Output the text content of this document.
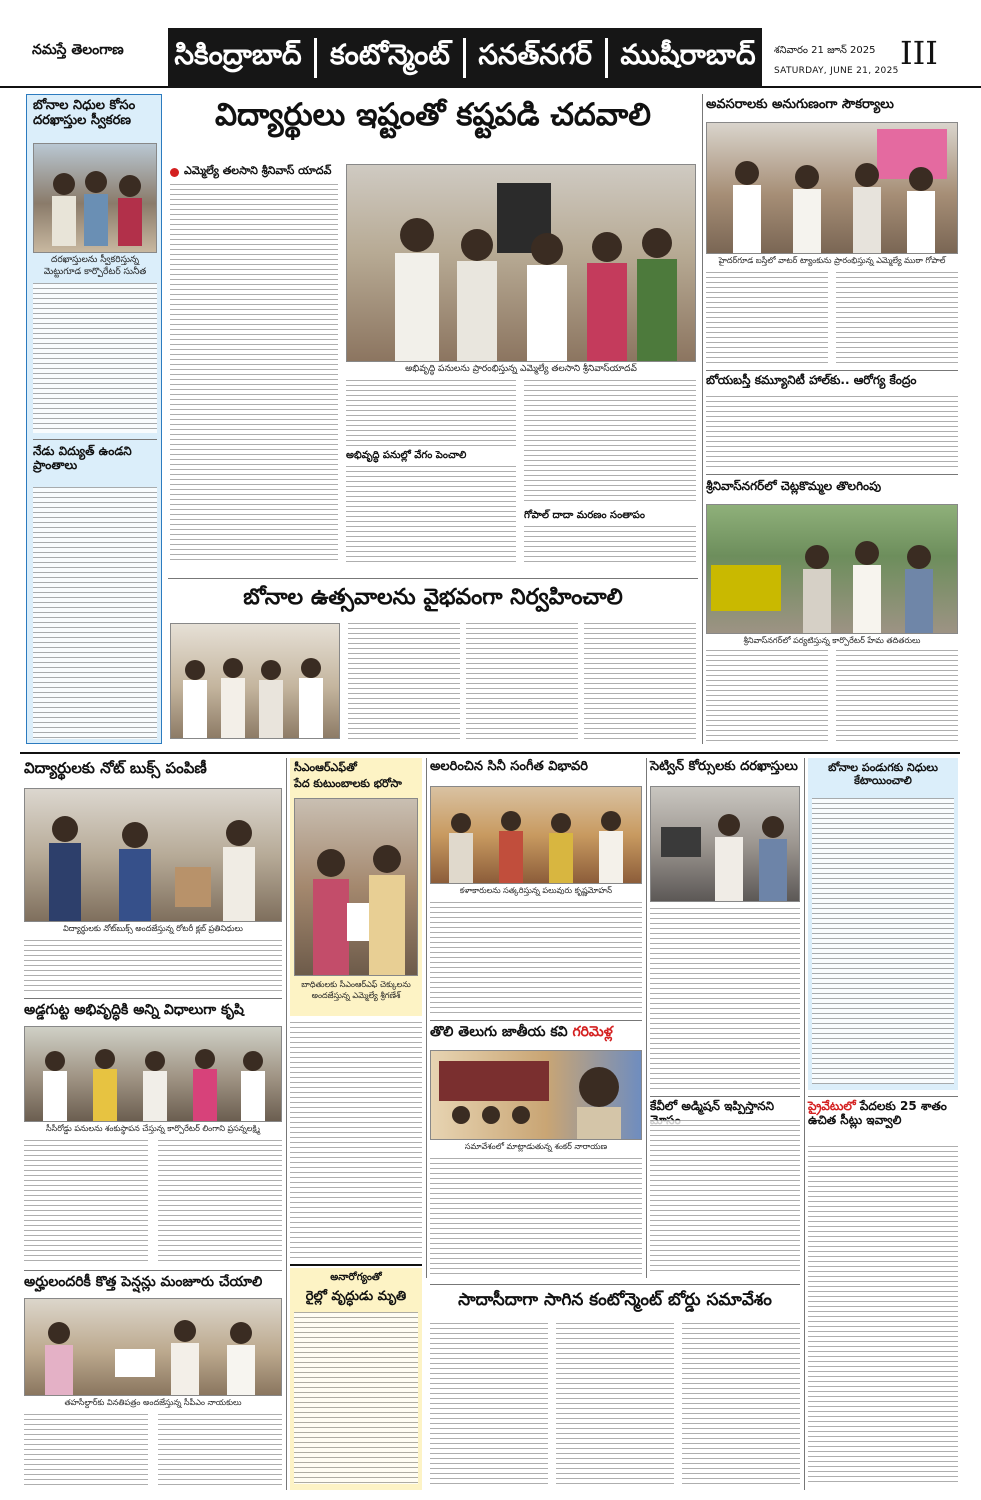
నమస్తే తెలంగాణ సికింద్రాబాద్ కంటోన్మెంట్ సనత్‌నగర్ ముషీరాబాద్ శనివారం 21 జూన్ 2025
SATURDAY, JUNE 21, 2025 III
బోనాల నిధుల కోసం దరఖాస్తుల స్వీకరణ
దరఖాస్తులను స్వీకరిస్తున్న మెట్టుగూడ కార్పొరేటర్ సునీత
నేడు విద్యుత్ ఉండని ప్రాంతాలు
విద్యార్థులు ఇష్టంతో కష్టపడి చదవాలి
ఎమ్మెల్యే తలసాని శ్రీనివాస్ యాదవ్
అభివృద్ధి పనులను ప్రారంభిస్తున్న ఎమ్మెల్యే తలసాని శ్రీనివాస్‌యాదవ్
అభివృద్ధి పనుల్లో వేగం పెంచాలి
గోపాల్ దాదా మరణం సంతాపం
అవసరాలకు అనుగుణంగా సౌకర్యాలు
హైదర్‌గూడ బస్తీలో వాటర్ ట్యాంకును ప్రారంభిస్తున్న ఎమ్మెల్యే ముఠా గోపాల్
బోయబస్తీ కమ్యూనిటీ హాల్‌కు.. ఆరోగ్య కేంద్రం
శ్రీనివాస్‌నగర్‌లో చెట్లకొమ్మల తొలగింపు
శ్రీనివాస్‌నగర్‌లో పర్యటిస్తున్న కార్పొరేటర్ హేమ తదితరులు
బోనాల ఉత్సవాలను వైభవంగా నిర్వహించాలి
విద్యార్థులకు నోట్ బుక్స్ పంపిణీ
విద్యార్థులకు నోట్‌బుక్స్ అందజేస్తున్న రోటరీ క్లబ్ ప్రతినిధులు
అడ్డగుట్ట అభివృద్ధికి అన్ని విధాలుగా కృషి
సీసీరోడ్డు పనులను శంకుస్థాపన చేస్తున్న కార్పొరేటర్ లింగాని ప్రసన్నలక్ష్మి
అర్హులందరికీ కొత్త పెన్షన్లు మంజూరు చేయాలి
తహసీల్దార్‌కు వినతిపత్రం అందజేస్తున్న సీపీఎం నాయకులు
సీఎంఆర్‌ఎఫ్‌తో
పేద కుటుంబాలకు భరోసా
బాధితులకు సీఎంఆర్‌ఎఫ్ చెక్కులను అందజేస్తున్న ఎమ్మెల్యే శ్రీగణేశ్
అనారోగ్యంతో
రైల్లో వృద్ధుడు మృతి
అలరించిన సినీ సంగీత విభావరి
కళాకారులను సత్కరిస్తున్న పలువురు కృష్ణమోహన్
తొలి తెలుగు జాతీయ కవి గరిమెళ్ల
సమావేశంలో మాట్లాడుతున్న శంకర్ నారాయణ
సెట్విన్ కోర్సులకు దరఖాస్తులు
కేవీలో అడ్మిషన్ ఇప్పిస్తానని
బోనాల పండుగకు నిధులు కేటాయించాలి
ప్రైవేటులో పేదలకు 25 శాతం ఉచిత సీట్లు ఇవ్వాలి
సాదాసీదాగా సాగిన కంటోన్మెంట్ బోర్డు సమావేశం
